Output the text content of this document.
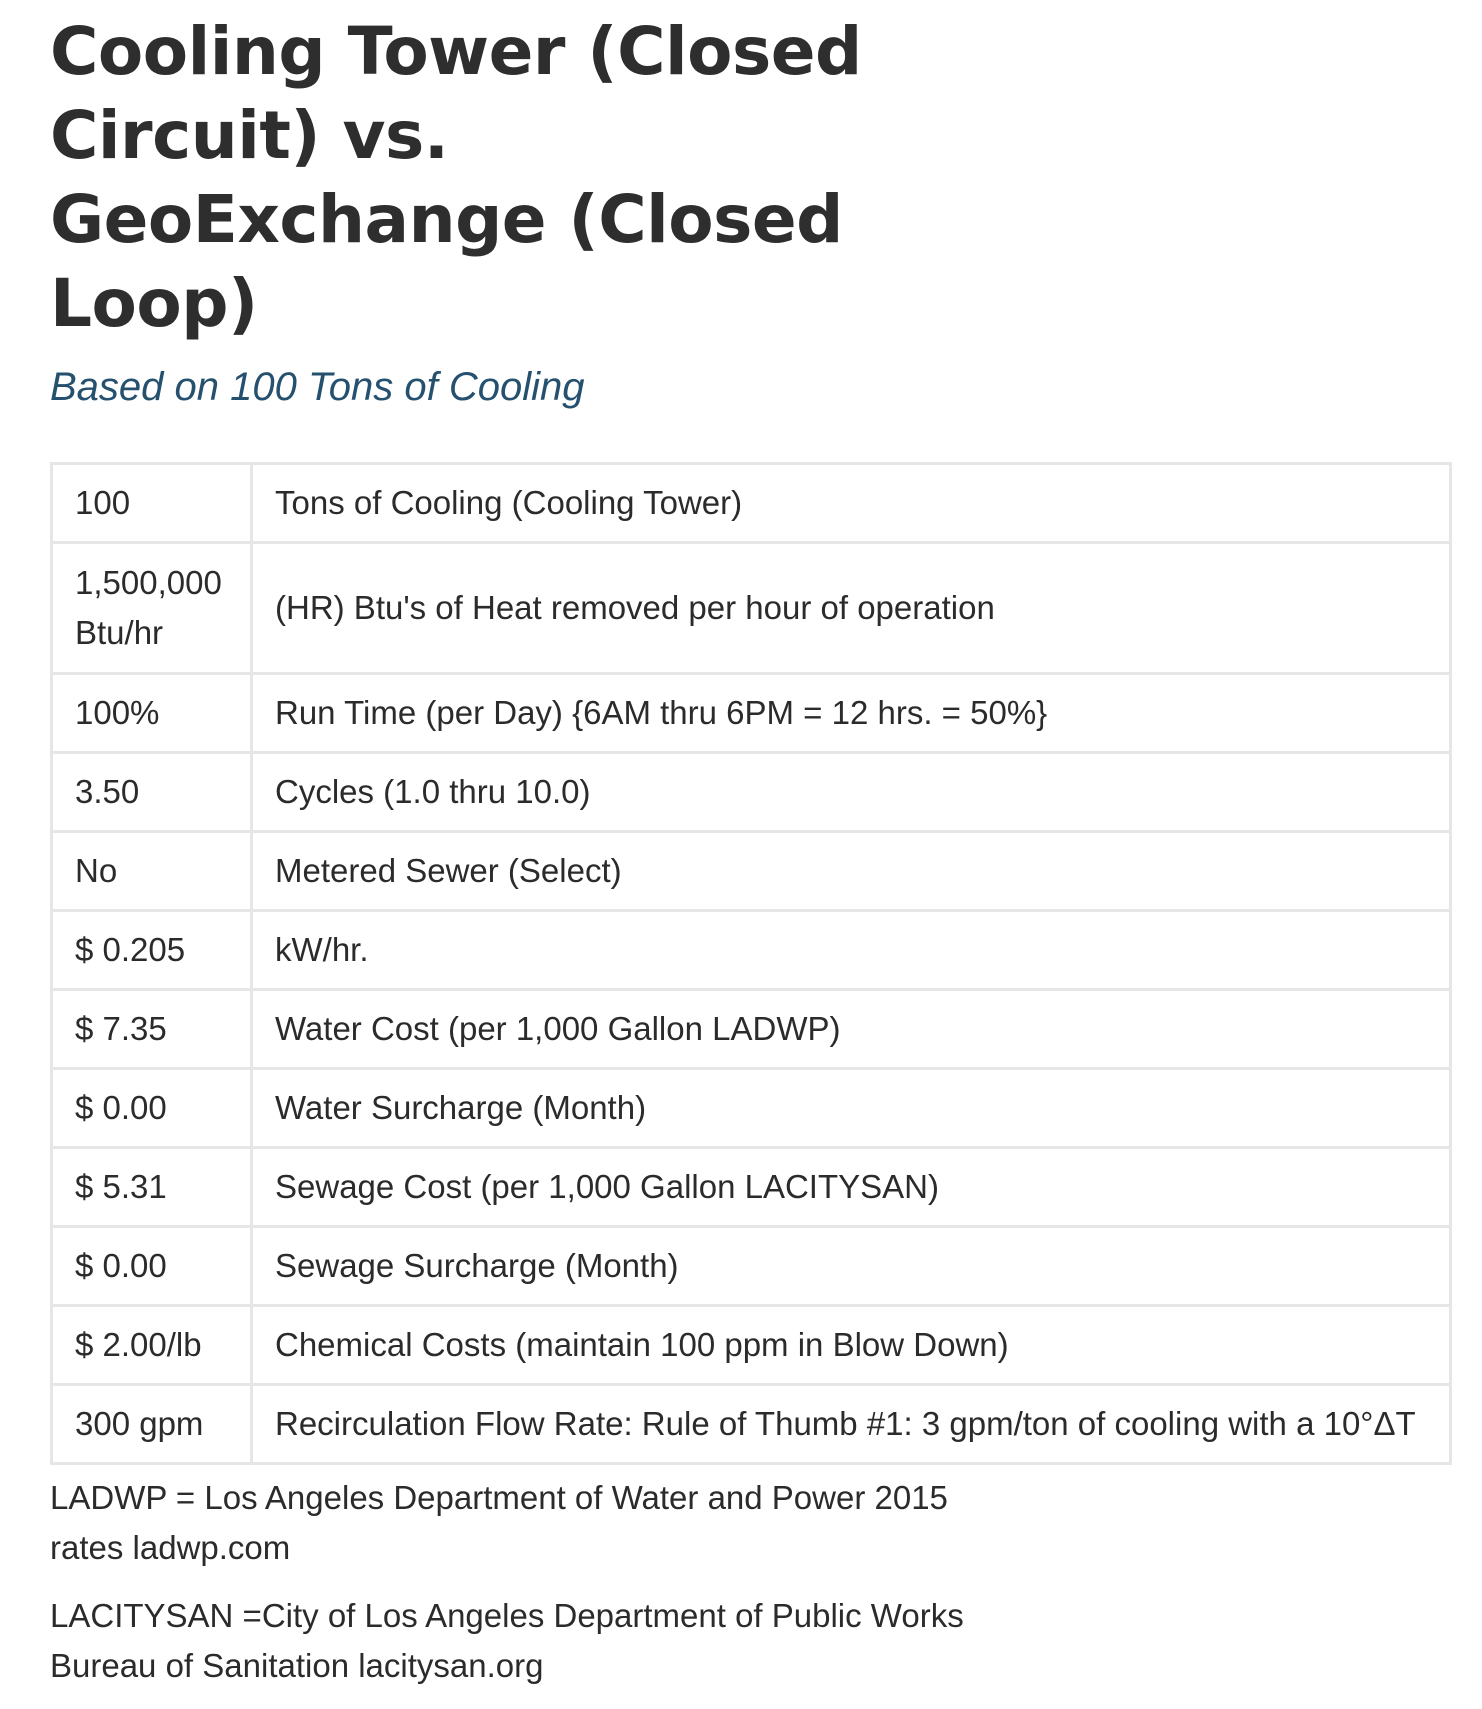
Cooling Tower (Closed Circuit) vs. GeoExchange (Closed Loop)
Based on 100 Tons of Cooling
100	Tons of Cooling (Cooling Tower)
1,500,000 Btu/hr	(HR) Btu's of Heat removed per hour of operation
100%	Run Time (per Day) {6AM thru 6PM = 12 hrs. = 50%}
3.50	Cycles (1.0 thru 10.0)
No	Metered Sewer (Select)
$ 0.205	kW/hr.
$ 7.35	Water Cost (per 1,000 Gallon LADWP)
$ 0.00	Water Surcharge (Month)
$ 5.31	Sewage Cost (per 1,000 Gallon LACITYSAN)
$ 0.00	Sewage Surcharge (Month)
$ 2.00/lb	Chemical Costs (maintain 100 ppm in Blow Down)
300 gpm	Recirculation Flow Rate: Rule of Thumb #1: 3 gpm/ton of cooling with a 10°ΔT

LADWP = Los Angeles Department of Water and Power 2015 rates ladwp.com

LACITYSAN =City of Los Angeles Department of Public Works Bureau of Sanitation lacitysan.org
